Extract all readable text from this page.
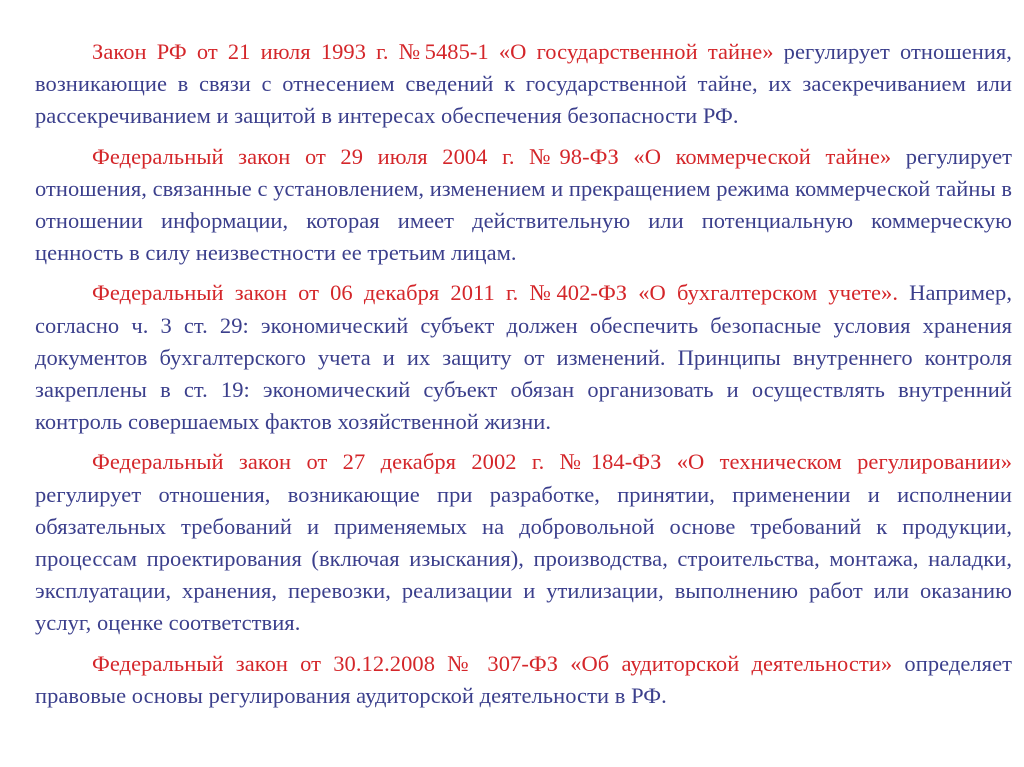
Закон РФ от 21 июля 1993 г. №5485-1 «О государственной тайне» регулирует отношения, возникающие в связи с отнесением сведений к государственной тайне, их засекречиванием или рассекречиванием и защитой в интересах обеспечения безопасности РФ.

Федеральный закон от 29 июля 2004 г. №98-ФЗ «О коммерческой тайне» регулирует отношения, связанные с установлением, изменением и прекращением режима коммерческой тайны в отношении информации, которая имеет действительную или потенциальную коммерческую ценность в силу неизвестности ее третьим лицам.

Федеральный закон от 06 декабря 2011 г. №402-ФЗ «О бухгалтерском учете». Например, согласно ч. 3 ст. 29: экономический субъект должен обеспечить безопасные условия хранения документов бухгалтерского учета и их защиту от изменений. Принципы внутреннего контроля закреплены в ст. 19: экономический субъект обязан организовать и осуществлять внутренний контроль совершаемых фактов хозяйственной жизни.

Федеральный закон от 27 декабря 2002 г. №184-ФЗ «О техническом регулировании» регулирует отношения, возникающие при разработке, принятии, применении и исполнении обязательных требований и применяемых на добровольной основе требований к продукции, процессам проектирования (включая изыскания), производства, строительства, монтажа, наладки, эксплуатации, хранения, перевозки, реализации и утилизации, выполнению работ или оказанию услуг, оценке соответствия.

Федеральный закон от 30.12.2008 № 307-ФЗ «Об аудиторской деятельности» определяет правовые основы регулирования аудиторской деятельности в РФ.
